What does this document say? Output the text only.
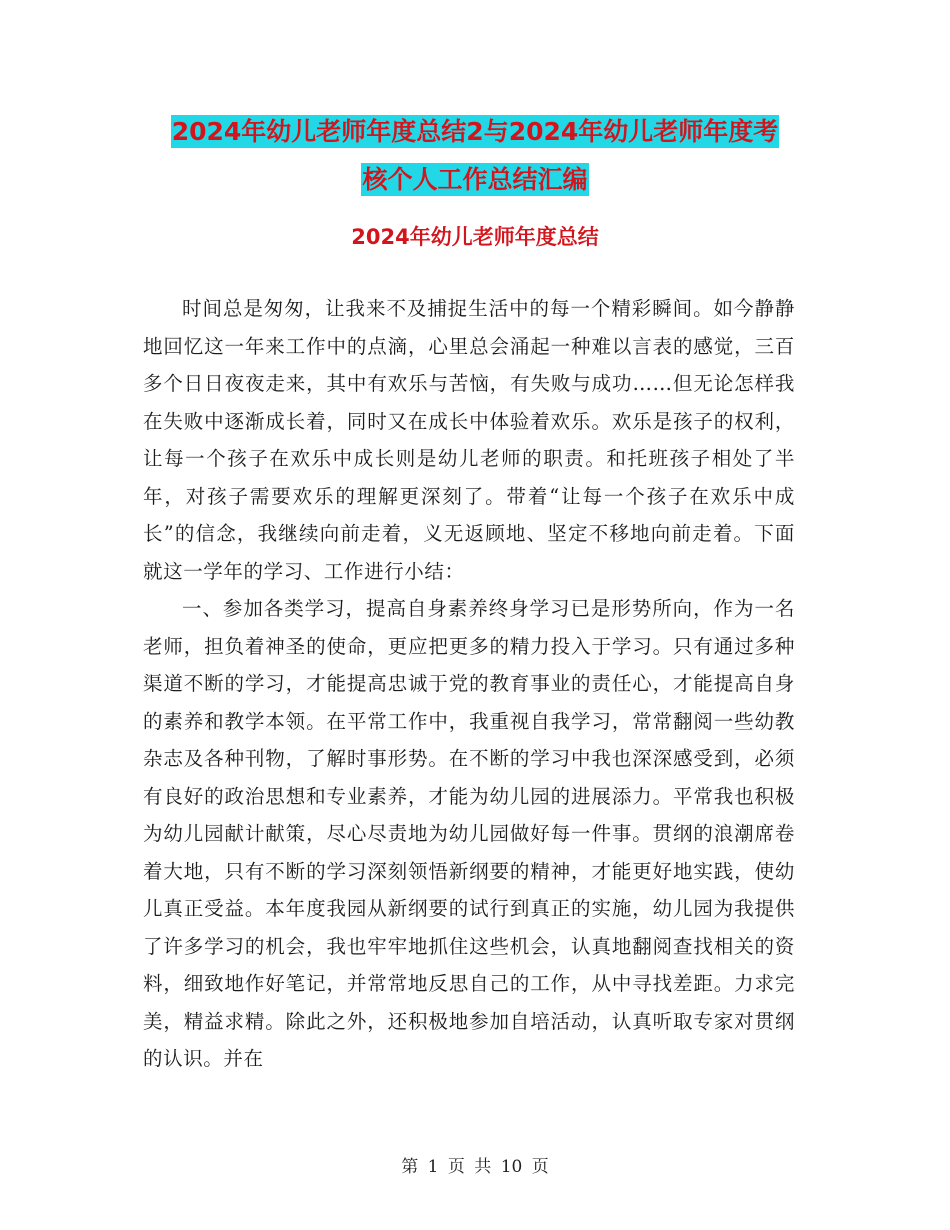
2024年幼儿老师年度总结2与2024年幼儿老师年度考
核个人工作总结汇编
2024年幼儿老师年度总结

时间总是匆匆，让我来不及捕捉生活中的每一个精彩瞬间。如今静静地回忆这一年来工作中的点滴，心里总会涌起一种难以言表的感觉，三百多个日日夜夜走来，其中有欢乐与苦恼，有失败与成功……但无论怎样我在失败中逐渐成长着，同时又在成长中体验着欢乐。欢乐是孩子的权利，让每一个孩子在欢乐中成长则是幼儿老师的职责。和托班孩子相处了半年，对孩子需要欢乐的理解更深刻了。带着“让每一个孩子在欢乐中成长”的信念，我继续向前走着，义无返顾地、坚定不移地向前走着。下面就这一学年的学习、工作进行小结：

一、参加各类学习，提高自身素养终身学习已是形势所向，作为一名老师，担负着神圣的使命，更应把更多的精力投入于学习。只有通过多种渠道不断的学习，才能提高忠诚于党的教育事业的责任心，才能提高自身的素养和教学本领。在平常工作中，我重视自我学习，常常翻阅一些幼教杂志及各种刊物，了解时事形势。在不断的学习中我也深深感受到，必须有良好的政治思想和专业素养，才能为幼儿园的进展添力。平常我也积极为幼儿园献计献策，尽心尽责地为幼儿园做好每一件事。贯纲的浪潮席卷着大地，只有不断的学习深刻领悟新纲要的精神，才能更好地实践，使幼儿真正受益。本年度我园从新纲要的试行到真正的实施，幼儿园为我提供了许多学习的机会，我也牢牢地抓住这些机会，认真地翻阅查找相关的资料，细致地作好笔记，并常常地反思自己的工作，从中寻找差距。力求完美，精益求精。除此之外，还积极地参加自培活动，认真听取专家对贯纲的认识。并在

第 1 页 共 10 页
